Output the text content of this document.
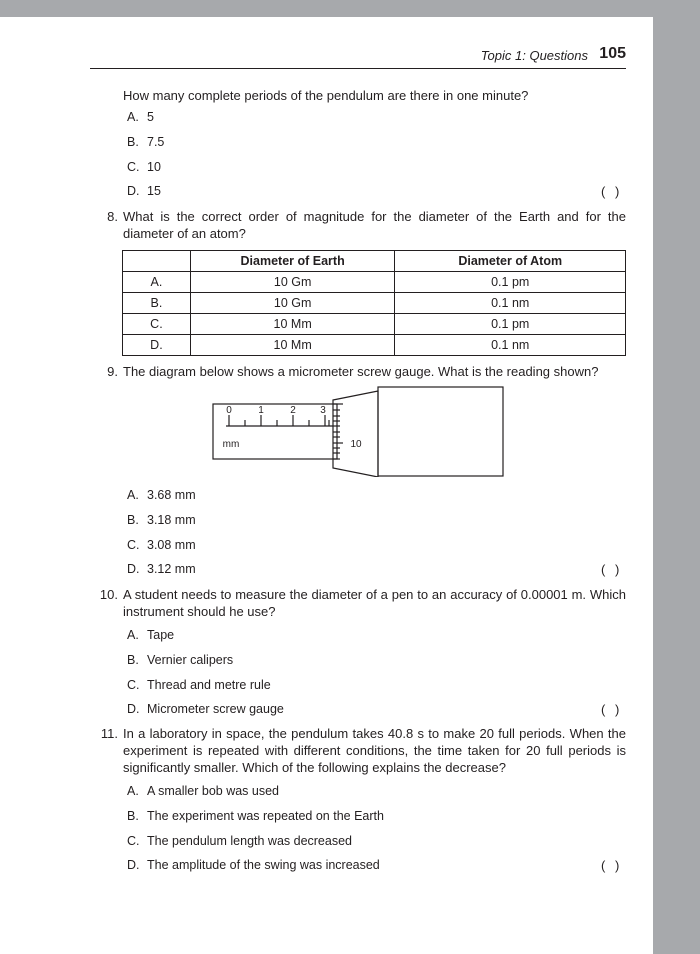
Topic 1: Questions 105
How many complete periods of the pendulum are there in one minute?
A. 5
B. 7.5
C. 10
D. 15	( )
8. What is the correct order of magnitude for the diameter of the Earth and for the
diameter of an atom?
	Diameter of Earth	Diameter of Atom
A.	10 Gm	0.1 pm
B.	10 Gm	0.1 nm
C.	10 Mm	0.1 pm
D.	10 Mm	0.1 nm
9. The diagram below shows a micrometer screw gauge. What is the reading shown?
0	1	2 3
mm	10
A. 3.68 mm
B. 3.18 mm
C. 3.08 mm
D. 3.12 mm	( )
10. A student needs to measure the diameter of a pen to an accuracy of 0.00001 m. Which
instrument should he use?
A. Tape
B. Vernier calipers
C. Thread and metre rule
D. Micrometer screw gauge	( )
11. In a laboratory in space, the pendulum takes 40.8 s to make 20 full periods. When the
experiment is repeated with different conditions, the time taken for 20 full periods is
significantly smaller. Which of the following explains the decrease?
A. A smaller bob was used
B. The experiment was repeated on the Earth
C. The pendulum length was decreased
D. The amplitude of the swing was increased	( )
